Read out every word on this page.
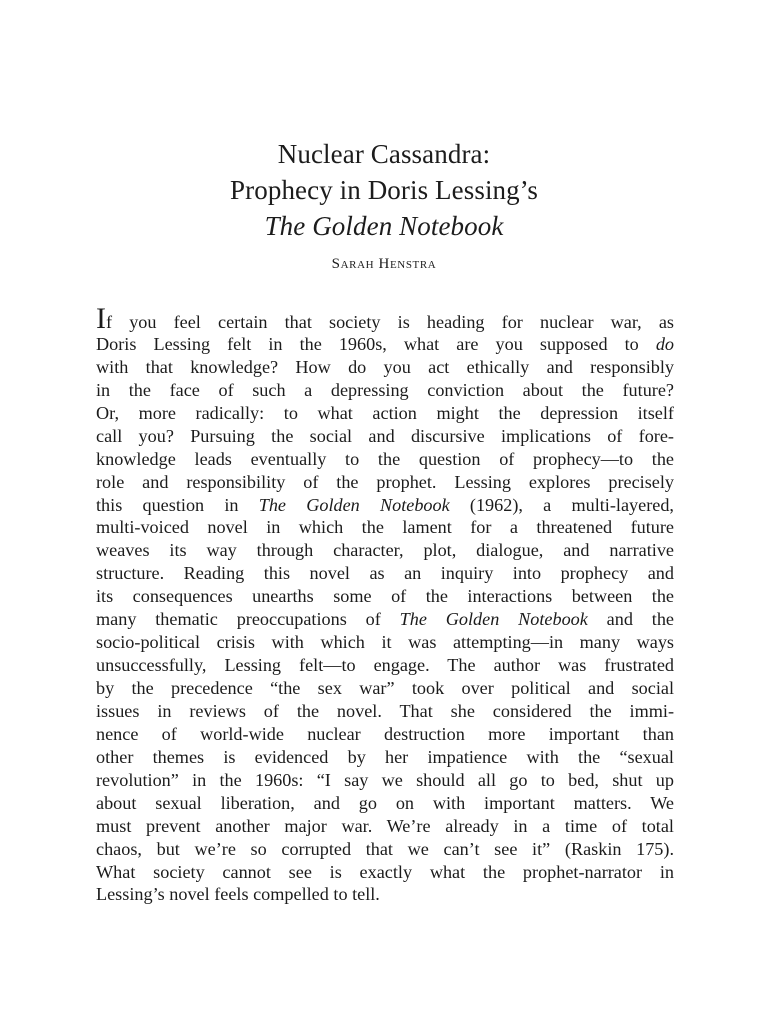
Nuclear Cassandra:
Prophecy in Doris Lessing’s
The Golden Notebook
Sarah Henstra
If you feel certain that society is heading for nuclear war, as
Doris Lessing felt in the 1960s, what are you supposed to do
with that knowledge? How do you act ethically and responsibly
in the face of such a depressing conviction about the future?
Or, more radically: to what action might the depression itself
call you? Pursuing the social and discursive implications of fore-
knowledge leads eventually to the question of prophecy—to the
role and responsibility of the prophet. Lessing explores precisely
this question in The Golden Notebook (1962), a multi-layered,
multi-voiced novel in which the lament for a threatened future
weaves its way through character, plot, dialogue, and narrative
structure. Reading this novel as an inquiry into prophecy and
its consequences unearths some of the interactions between the
many thematic preoccupations of The Golden Notebook and the
socio-political crisis with which it was attempting—in many ways
unsuccessfully, Lessing felt—to engage. The author was frustrated
by the precedence “the sex war” took over political and social
issues in reviews of the novel. That she considered the immi-
nence of world-wide nuclear destruction more important than
other themes is evidenced by her impatience with the “sexual
revolution” in the 1960s: “I say we should all go to bed, shut up
about sexual liberation, and go on with important matters. We
must prevent another major war. We’re already in a time of total
chaos, but we’re so corrupted that we can’t see it” (Raskin 175).
What society cannot see is exactly what the prophet-narrator in
Lessing’s novel feels compelled to tell.
